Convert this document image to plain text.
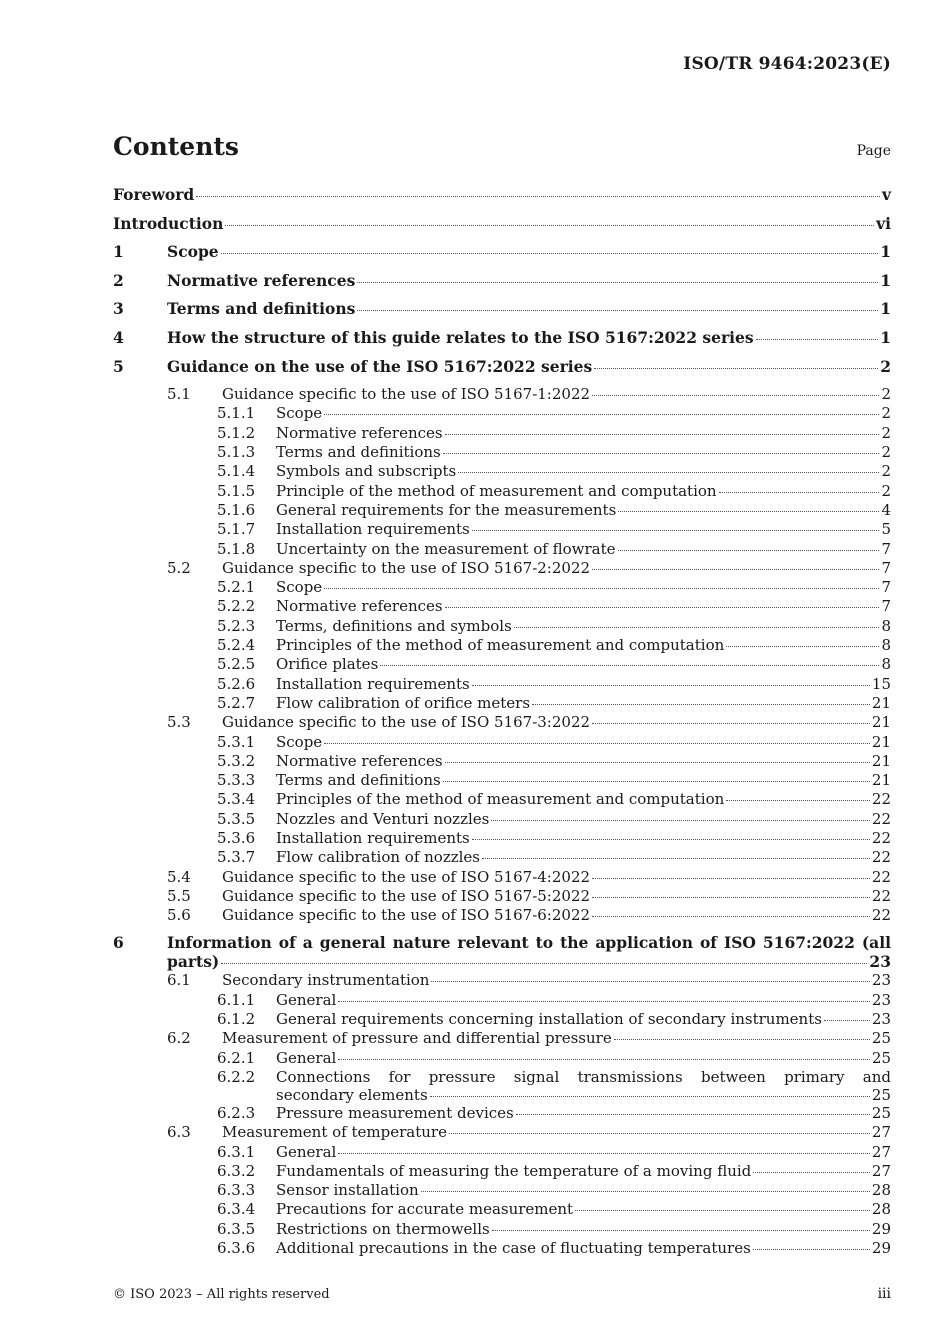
ISO/TR 9464:2023(E)
Contents	Page
Foreword	v
Introduction	vi
1	Scope	1
2	Normative references	1
3	Terms and definitions	1
4	How the structure of this guide relates to the ISO 5167:2022 series	1
5	Guidance on the use of the ISO 5167:2022 series	2
5.1 Guidance specific to the use of ISO 5167-1:2022	2
5.1.1 Scope	2
5.1.2 Normative references	2
5.1.3 Terms and definitions	2
5.1.4 Symbols and subscripts	2
5.1.5 Principle of the method of measurement and computation	2
5.1.6 General requirements for the measurements	4
5.1.7 Installation requirements	5
5.1.8 Uncertainty on the measurement of flowrate	7
5.2 Guidance specific to the use of ISO 5167-2:2022	7
5.2.1 Scope	7
5.2.2 Normative references	7
5.2.3 Terms, definitions and symbols	8
5.2.4 Principles of the method of measurement and computation	8
5.2.5 Orifice plates	8
5.2.6 Installation requirements	15
5.2.7 Flow calibration of orifice meters	21
5.3 Guidance specific to the use of ISO 5167-3:2022	21
5.3.1 Scope	21
5.3.2 Normative references	21
5.3.3 Terms and definitions	21
5.3.4 Principles of the method of measurement and computation	22
5.3.5 Nozzles and Venturi nozzles	22
5.3.6 Installation requirements	22
5.3.7 Flow calibration of nozzles	22
5.4 Guidance specific to the use of ISO 5167-4:2022	22
5.5 Guidance specific to the use of ISO 5167-5:2022	22
5.6 Guidance specific to the use of ISO 5167-6:2022	22
6	Information of a general nature relevant to the application of ISO 5167:2022 (all
parts)	23
6.1 Secondary instrumentation	23
6.1.1 General	23
6.1.2 General requirements concerning installation of secondary instruments	23
6.2 Measurement of pressure and differential pressure	25
6.2.1 General	25
6.2.2 Connections for pressure signal transmissions between primary and
secondary elements	25
6.2.3 Pressure measurement devices	25
6.3 Measurement of temperature	27
6.3.1 General	27
6.3.2 Fundamentals of measuring the temperature of a moving fluid	27
6.3.3 Sensor installation	28
6.3.4 Precautions for accurate measurement	28
6.3.5 Restrictions on thermowells	29
6.3.6 Additional precautions in the case of fluctuating temperatures	29
© ISO 2023 – All rights reserved	iii
